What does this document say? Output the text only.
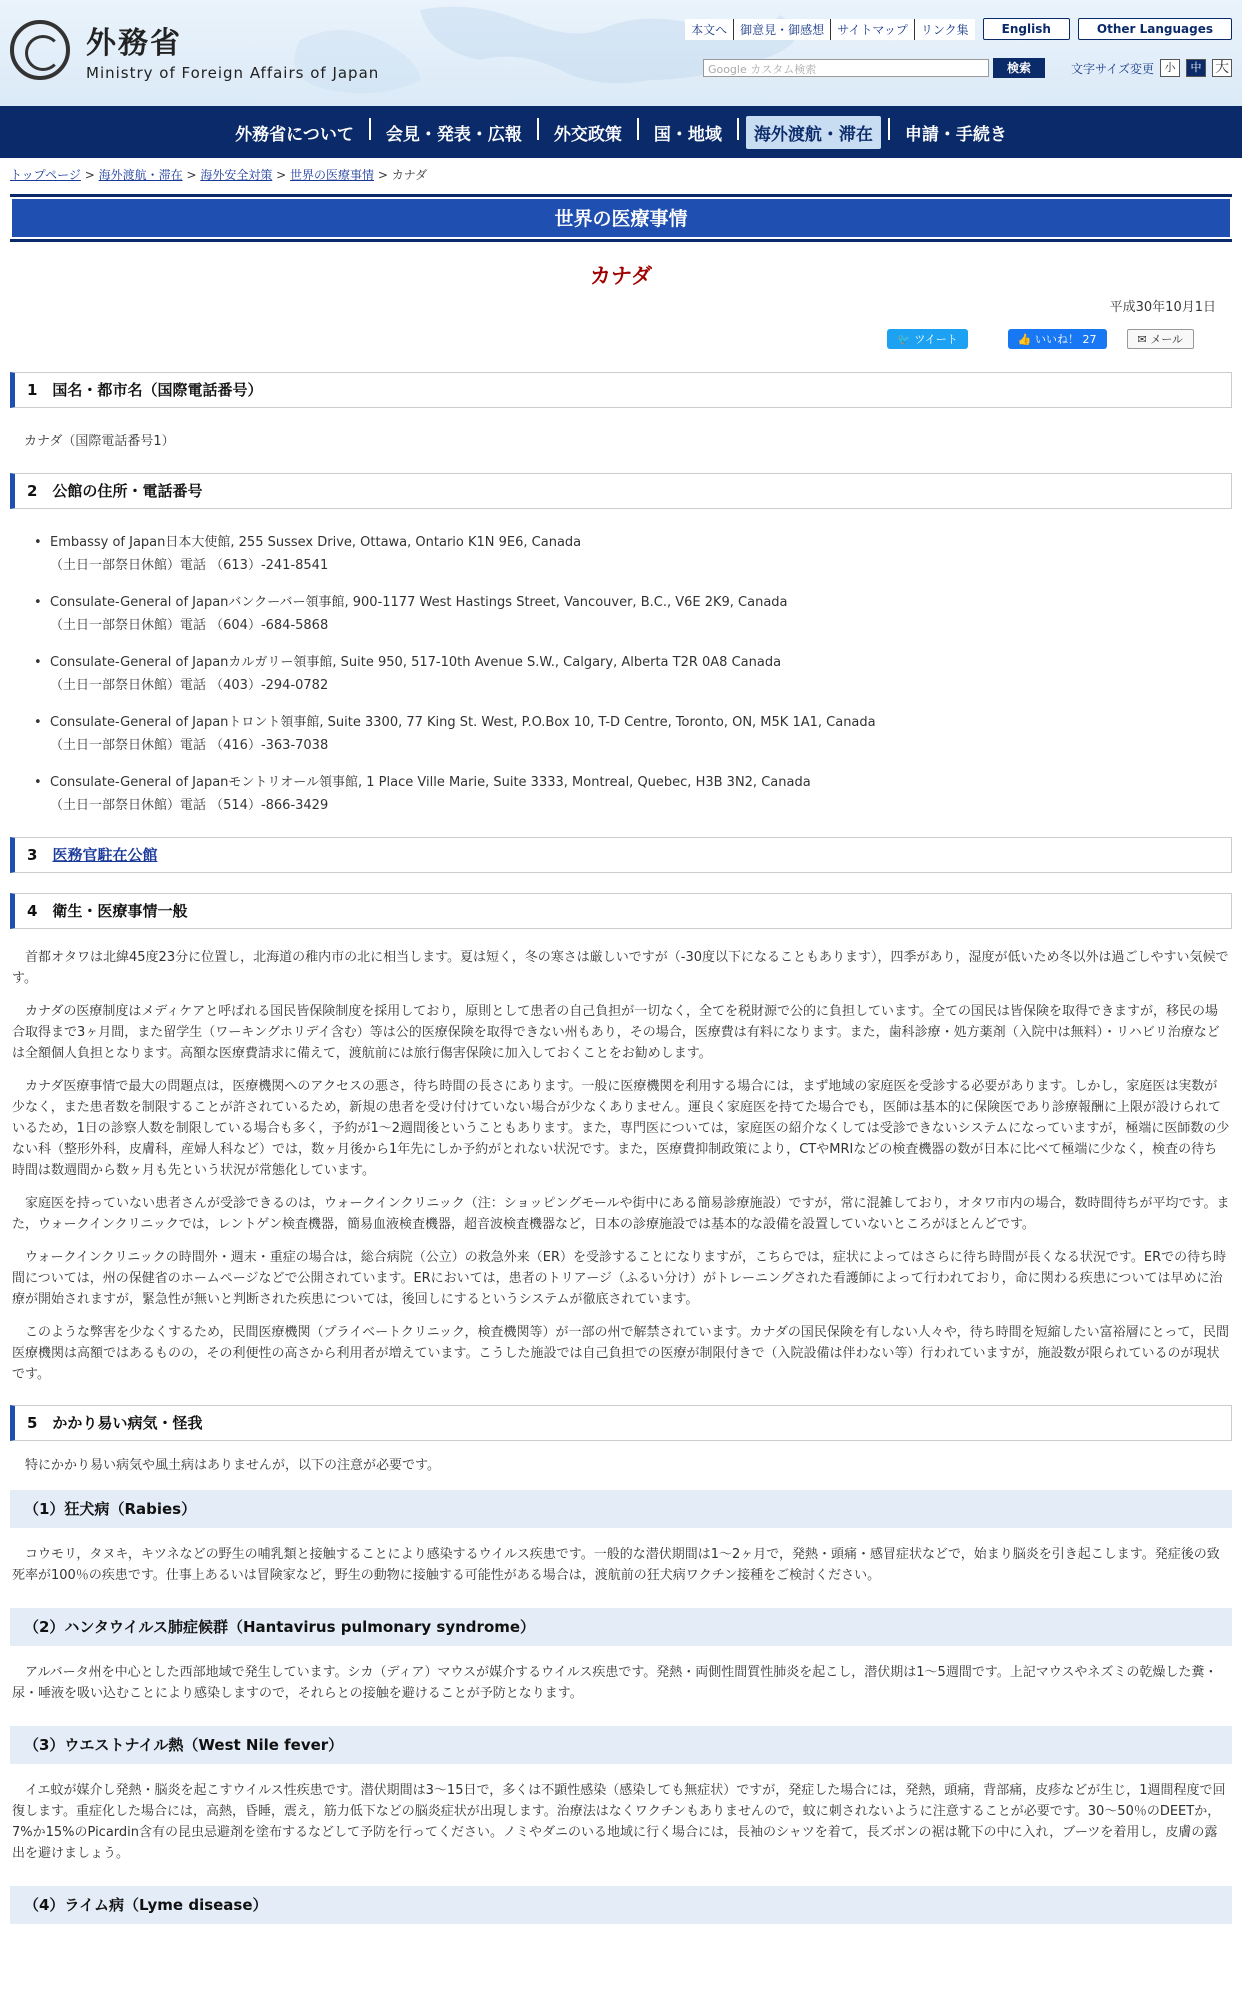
外務省
Ministry of Foreign Affairs of Japan
本文へ	御意見・御感想	サイトマップ	リンク集	English	Other Languages
Google カスタム検索	検索	文字サイズ変更 小	中 大
外務省について	会見・発表・広報	外交政策	国・地域	海外渡航・滞在	申請・手続き
トップページ > 海外渡航・滞在 > 海外安全対策 > 世界の医療事情 > カナダ
世界の医療事情
カナダ
平成30年10月1日
🐦 ツイート	👍 いいね！ 27	✉ メール
1　国名・都市名（国際電話番号）
カナダ（国際電話番号1）
2　公館の住所・電話番号
• Embassy of Japan日本大使館, 255 Sussex Drive, Ottawa, Ontario K1N 9E6, Canada
（土日一部祭日休館）電話 （613）-241-8541
• Consulate-General of Japanバンクーバー領事館, 900-1177 West Hastings Street, Vancouver, B.C., V6E 2K9, Canada
（土日一部祭日休館）電話 （604）-684-5868
• Consulate-General of Japanカルガリー領事館, Suite 950, 517-10th Avenue S.W., Calgary, Alberta T2R 0A8 Canada
（土日一部祭日休館）電話 （403）-294-0782
• Consulate-General of Japanトロント領事館, Suite 3300, 77 King St. West, P.O.Box 10, T-D Centre, Toronto, ON, M5K 1A1, Canada
（土日一部祭日休館）電話 （416）-363-7038
• Consulate-General of Japanモントリオール領事館, 1 Place Ville Marie, Suite 3333, Montreal, Quebec, H3B 3N2, Canada
（土日一部祭日休館）電話 （514）-866-3429
3　 医務官駐在公館
4　衛生・医療事情一般
首都オタワは北緯45度23分に位置し，北海道の稚内市の北に相当します。夏は短く，冬の寒さは厳しいですが（-30度以下になることもあります），四季があり，湿度が低いため冬以外は過ごしやすい気候です。
カナダの医療制度はメディケアと呼ばれる国民皆保険制度を採用しており，原則として患者の自己負担が一切なく，全てを税財源で公的に負担しています。全ての国民は皆保険を取得できますが，移民の場合取得まで3ヶ月間，また留学生（ワーキングホリデイ含む）等は公的医療保険を取得できない州もあり，その場合，医療費は有料になります。また，歯科診療・処方薬剤（入院中は無料）・リハビリ治療などは全額個人負担となります。高額な医療費請求に備えて，渡航前には旅行傷害保険に加入しておくことをお勧めします。
カナダ医療事情で最大の問題点は，医療機関へのアクセスの悪さ，待ち時間の長さにあります。一般に医療機関を利用する場合には，まず地域の家庭医を受診する必要があります。しかし，家庭医は実数が少なく，また患者数を制限することが許されているため，新規の患者を受け付けていない場合が少なくありません。運良く家庭医を持てた場合でも，医師は基本的に保険医であり診療報酬に上限が設けられているため，1日の診察人数を制限している場合も多く，予約が1～2週間後ということもあります。また，専門医については，家庭医の紹介なくしては受診できないシステムになっていますが，極端に医師数の少ない科（整形外科，皮膚科，産婦人科など）では，数ヶ月後から1年先にしか予約がとれない状況です。また，医療費抑制政策により，CTやMRIなどの検査機器の数が日本に比べて極端に少なく，検査の待ち時間は数週間から数ヶ月も先という状況が常態化しています。
家庭医を持っていない患者さんが受診できるのは，ウォークインクリニック（注：ショッピングモールや街中にある簡易診療施設）ですが，常に混雑しており，オタワ市内の場合，数時間待ちが平均です。また，ウォークインクリニックでは，レントゲン検査機器，簡易血液検査機器，超音波検査機器など，日本の診療施設では基本的な設備を設置していないところがほとんどです。
ウォークインクリニックの時間外・週末・重症の場合は，総合病院（公立）の救急外来（ER）を受診することになりますが，こちらでは，症状によってはさらに待ち時間が長くなる状況です。ERでの待ち時間については，州の保健省のホームページなどで公開されています。ERにおいては，患者のトリアージ（ふるい分け）がトレーニングされた看護師によって行われており，命に関わる疾患については早めに治療が開始されますが，緊急性が無いと判断された疾患については，後回しにするというシステムが徹底されています。
このような弊害を少なくするため，民間医療機関（プライベートクリニック，検査機関等）が一部の州で解禁されています。カナダの国民保険を有しない人々や，待ち時間を短縮したい富裕層にとって，民間医療機関は高額ではあるものの，その利便性の高さから利用者が増えています。こうした施設では自己負担での医療が制限付きで（入院設備は伴わない等）行われていますが，施設数が限られているのが現状です。
5　かかり易い病気・怪我
特にかかり易い病気や風土病はありませんが，以下の注意が必要です。
（1）狂犬病（Rabies）
コウモリ，タヌキ，キツネなどの野生の哺乳類と接触することにより感染するウイルス疾患です。一般的な潜伏期間は1～2ヶ月で，発熱・頭痛・感冒症状などで，始まり脳炎を引き起こします。発症後の致死率が100％の疾患です。仕事上あるいは冒険家など，野生の動物に接触する可能性がある場合は，渡航前の狂犬病ワクチン接種をご検討ください。
（2）ハンタウイルス肺症候群（Hantavirus pulmonary syndrome）
アルバータ州を中心とした西部地域で発生しています。シカ（ディア）マウスが媒介するウイルス疾患です。発熱・両側性間質性肺炎を起こし，潜伏期は1～5週間です。上記マウスやネズミの乾燥した糞・尿・唾液を吸い込むことにより感染しますので，それらとの接触を避けることが予防となります。
（3）ウエストナイル熱（West Nile fever）
イエ蚊が媒介し発熱・脳炎を起こすウイルス性疾患です。潜伏期間は3～15日で，多くは不顕性感染（感染しても無症状）ですが，発症した場合には，発熱，頭痛，背部痛，皮疹などが生じ，1週間程度で回復します。重症化した場合には，高熱，昏睡，震え，筋力低下などの脳炎症状が出現します。治療法はなくワクチンもありませんので，蚊に刺されないように注意することが必要です。30～50％のDEETか，7%か15%のPicardin含有の昆虫忌避剤を塗布するなどして予防を行ってください。ノミやダニのいる地域に行く場合には，長袖のシャツを着て，長ズボンの裾は靴下の中に入れ，ブーツを着用し，皮膚の露出を避けましょう。
（4）ライム病（Lyme disease）
